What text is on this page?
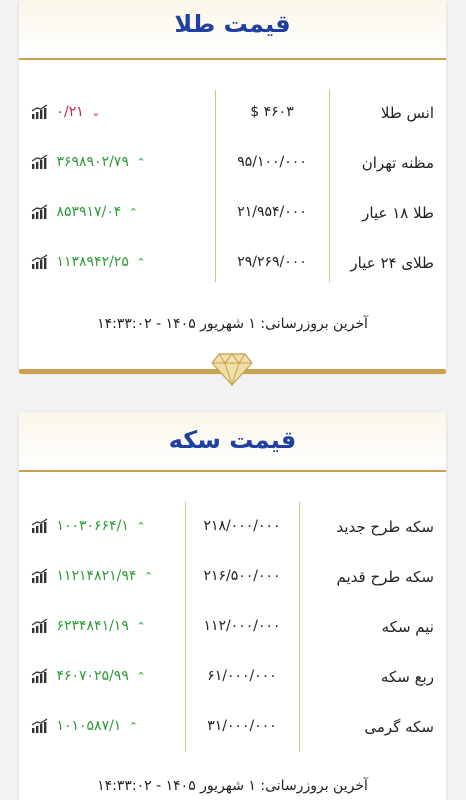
قیمت طلا
انس طلا
$ ۴۶۰۳
۰/۲۱ ⌄
مظنه تهران
۹۵/۱۰۰/۰۰۰
۳۶۹۸۹۰۲/۷۹ ⌃
طلا ۱۸ عیار
۲۱/۹۵۴/۰۰۰
۸۵۳۹۱۷/۰۴ ⌃
طلای ۲۴ عیار
۲۹/۲۶۹/۰۰۰
۱۱۳۸۹۴۲/۲۵ ⌃
آخرین بروزرسانی: ۱ شهریور ۱۴۰۵ - ۱۴:۳۳:۰۲
قیمت سکه
سکه طرح جدید
۲۱۸/۰۰۰/۰۰۰
۱۰۰۳۰۶۶۴/۱ ⌃
سکه طرح قدیم
۲۱۶/۵۰۰/۰۰۰
۱۱۲۱۴۸۲۱/۹۴ ⌃
نیم سکه
۱۱۲/۰۰۰/۰۰۰
۶۲۳۴۸۴۱/۱۹ ⌃
ربع سکه
۶۱/۰۰۰/۰۰۰
۴۶۰۷۰۲۵/۹۹ ⌃
سکه گرمی
۳۱/۰۰۰/۰۰۰
۱۰۱۰۵۸۷/۱ ⌃
آخرین بروزرسانی: ۱ شهریور ۱۴۰۵ - ۱۴:۳۳:۰۲
